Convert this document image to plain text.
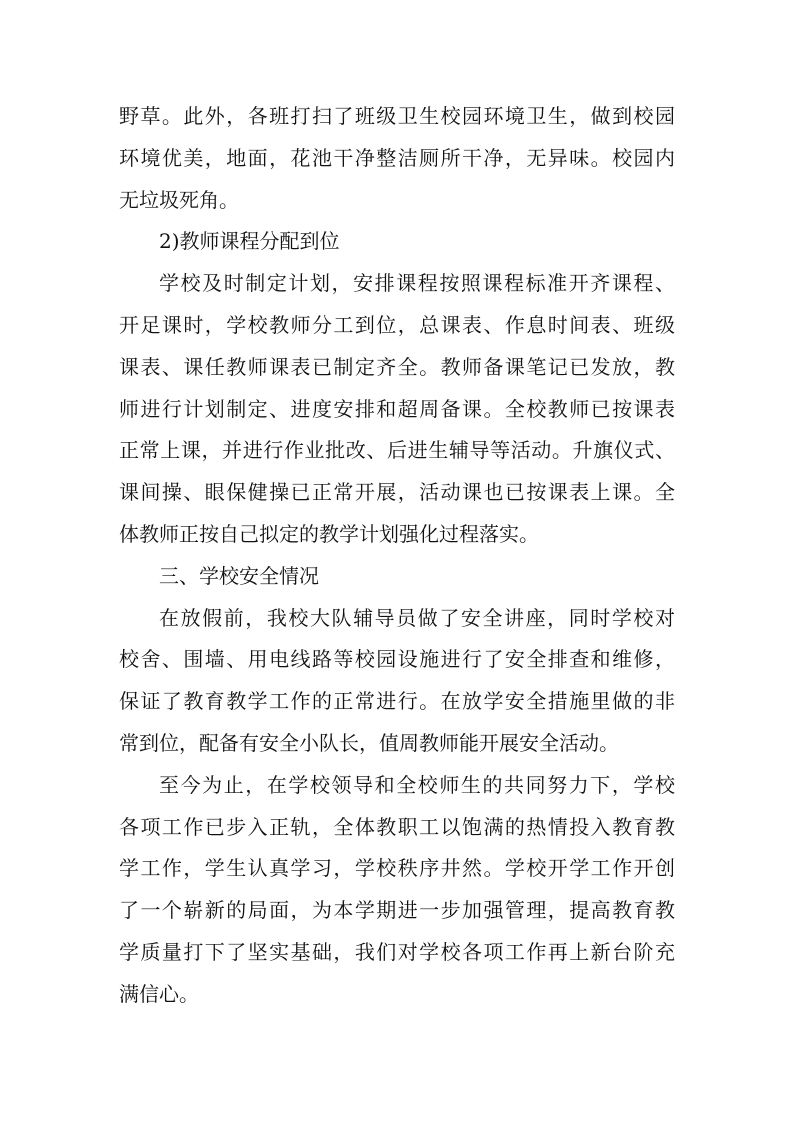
野草。此外，各班打扫了班级卫生校园环境卫生，做到校园
环境优美，地面，花池干净整洁厕所干净，无异味。校园内
无垃圾死角。
2)教师课程分配到位
学校及时制定计划，安排课程按照课程标准开齐课程、
开足课时，学校教师分工到位，总课表、作息时间表、班级
课表、课任教师课表已制定齐全。教师备课笔记已发放，教
师进行计划制定、进度安排和超周备课。全校教师已按课表
正常上课，并进行作业批改、后进生辅导等活动。升旗仪式、
课间操、眼保健操已正常开展，活动课也已按课表上课。全
体教师正按自己拟定的教学计划强化过程落实。
三、学校安全情况
在放假前，我校大队辅导员做了安全讲座，同时学校对
校舍、围墙、用电线路等校园设施进行了安全排查和维修，
保证了教育教学工作的正常进行。在放学安全措施里做的非
常到位，配备有安全小队长，值周教师能开展安全活动。
至今为止，在学校领导和全校师生的共同努力下，学校
各项工作已步入正轨，全体教职工以饱满的热情投入教育教
学工作，学生认真学习，学校秩序井然。学校开学工作开创
了一个崭新的局面，为本学期进一步加强管理，提高教育教
学质量打下了坚实基础，我们对学校各项工作再上新台阶充
满信心。
